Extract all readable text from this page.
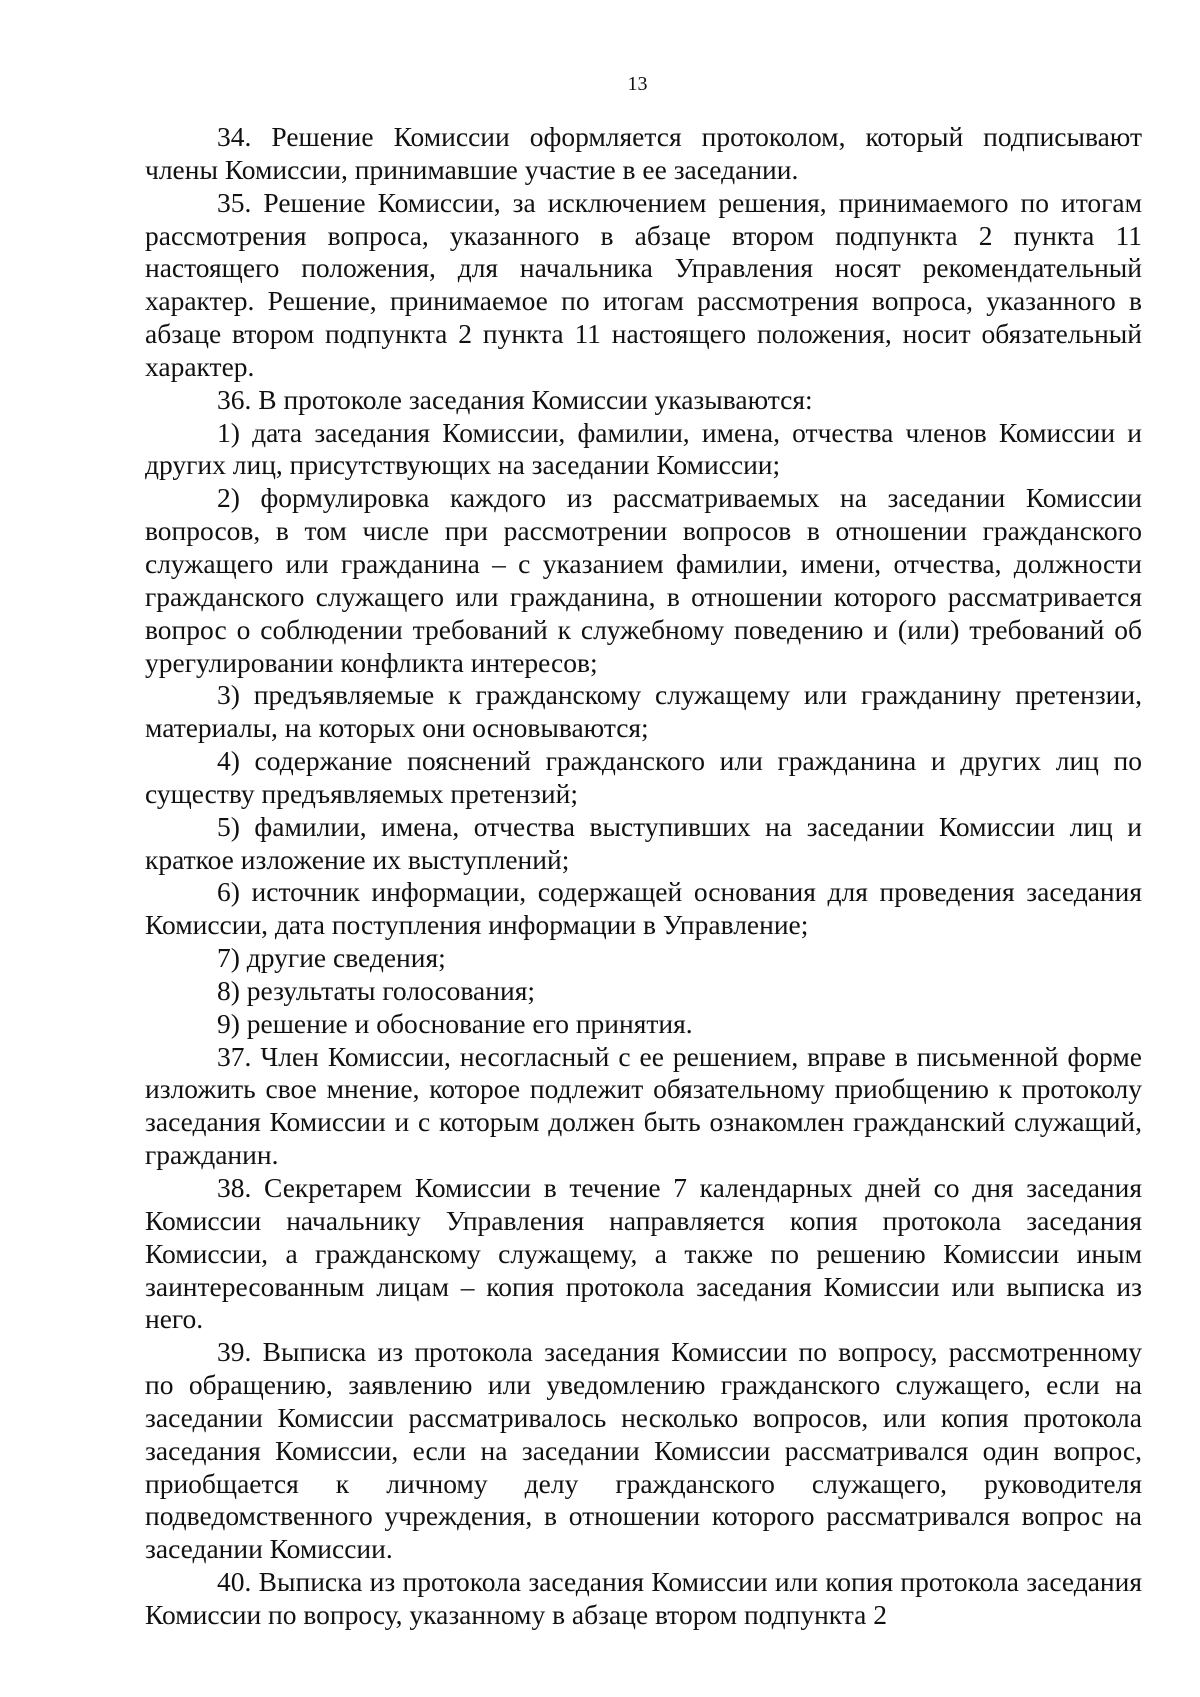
13

34. Решение Комиссии оформляется протоколом, который подписывают члены Комиссии, принимавшие участие в ее заседании.

35. Решение Комиссии, за исключением решения, принимаемого по итогам рассмотрения вопроса, указанного в абзаце втором подпункта 2 пункта 11 настоящего положения, для начальника Управления носят рекомендательный характер. Решение, принимаемое по итогам рассмотрения вопроса, указанного в абзаце втором подпункта 2 пункта 11 настоящего положения, носит обязательный характер.

36. В протоколе заседания Комиссии указываются:

1) дата заседания Комиссии, фамилии, имена, отчества членов Комиссии и других лиц, присутствующих на заседании Комиссии;

2) формулировка каждого из рассматриваемых на заседании Комиссии вопросов, в том числе при рассмотрении вопросов в отношении гражданского служащего или гражданина – с указанием фамилии, имени, отчества, должности гражданского служащего или гражданина, в отношении которого рассматривается вопрос о соблюдении требований к служебному поведению и (или) требований об урегулировании конфликта интересов;

3) предъявляемые к гражданскому служащему или гражданину претензии, материалы, на которых они основываются;

4) содержание пояснений гражданского или гражданина и других лиц по существу предъявляемых претензий;

5) фамилии, имена, отчества выступивших на заседании Комиссии лиц и краткое изложение их выступлений;

6) источник информации, содержащей основания для проведения заседания Комиссии, дата поступления информации в Управление;

7) другие сведения;

8) результаты голосования;

9) решение и обоснование его принятия.

37. Член Комиссии, несогласный с ее решением, вправе в письменной форме изложить свое мнение, которое подлежит обязательному приобщению к протоколу заседания Комиссии и с которым должен быть ознакомлен гражданский служащий, гражданин.

38. Секретарем Комиссии в течение 7 календарных дней со дня заседания Комиссии начальнику Управления направляется копия протокола заседания Комиссии, а гражданскому служащему, а также по решению Комиссии иным заинтересованным лицам – копия протокола заседания Комиссии или выписка из него.

39. Выписка из протокола заседания Комиссии по вопросу, рассмотренному по обращению, заявлению или уведомлению гражданского служащего, если на заседании Комиссии рассматривалось несколько вопросов, или копия протокола заседания Комиссии, если на заседании Комиссии рассматривался один вопрос, приобщается к личному делу гражданского служащего, руководителя подведомственного учреждения, в отношении которого рассматривался вопрос на заседании Комиссии.

40. Выписка из протокола заседания Комиссии или копия протокола заседания Комиссии по вопросу, указанному в абзаце втором подпункта 2
